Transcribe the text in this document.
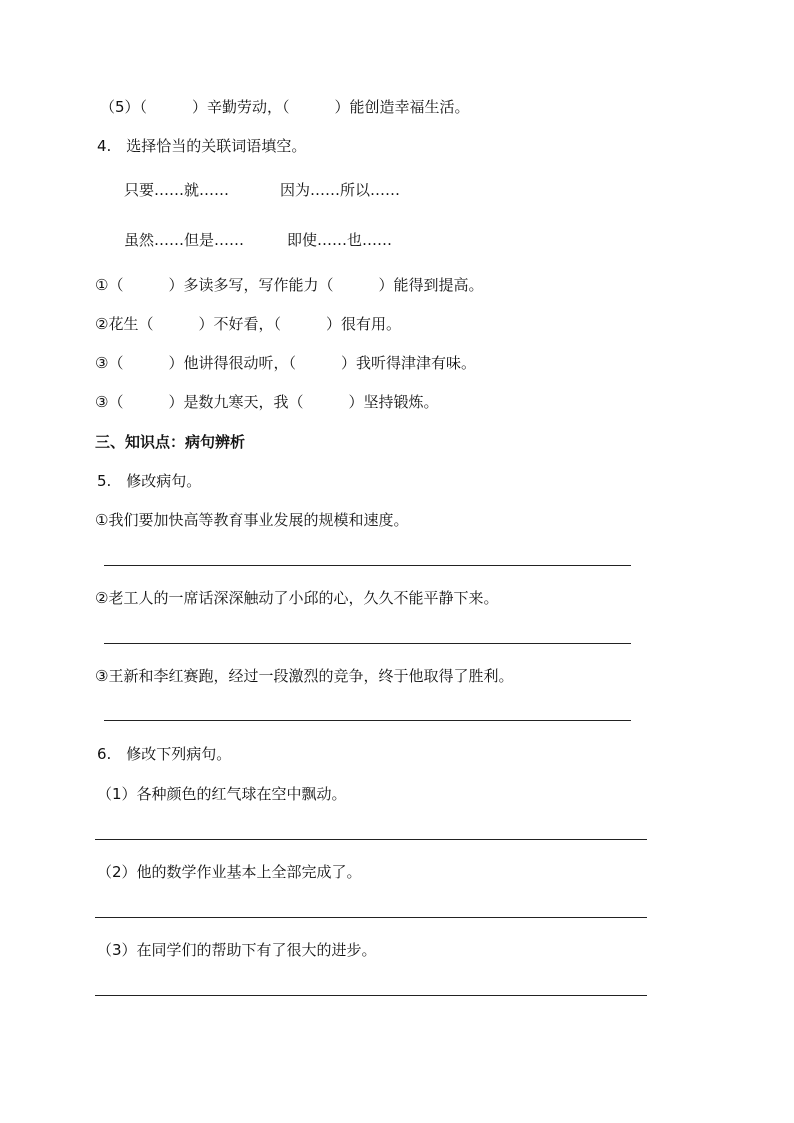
（5）（　　　）辛勤劳动，（　　　）能创造幸福生活。
4.　选择恰当的关联词语填空。
只要……就……	因为……所以……
虽然……但是……	即使……也……
①（　　　）多读多写，写作能力（　　　）能得到提高。
②花生（　　　）不好看，（　　　）很有用。
③（　　　）他讲得很动听，（　　　）我听得津津有味。
③（　　　）是数九寒天，我（　　　）坚持锻炼。
三、知识点：病句辨析
5.　修改病句。
①我们要加快高等教育事业发展的规模和速度。
②老工人的一席话深深触动了小邱的心，久久不能平静下来。
③王新和李红赛跑，经过一段激烈的竞争，终于他取得了胜利。
6.　修改下列病句。
（1）各种颜色的红气球在空中飘动。
（2）他的数学作业基本上全部完成了。
（3）在同学们的帮助下有了很大的进步。
